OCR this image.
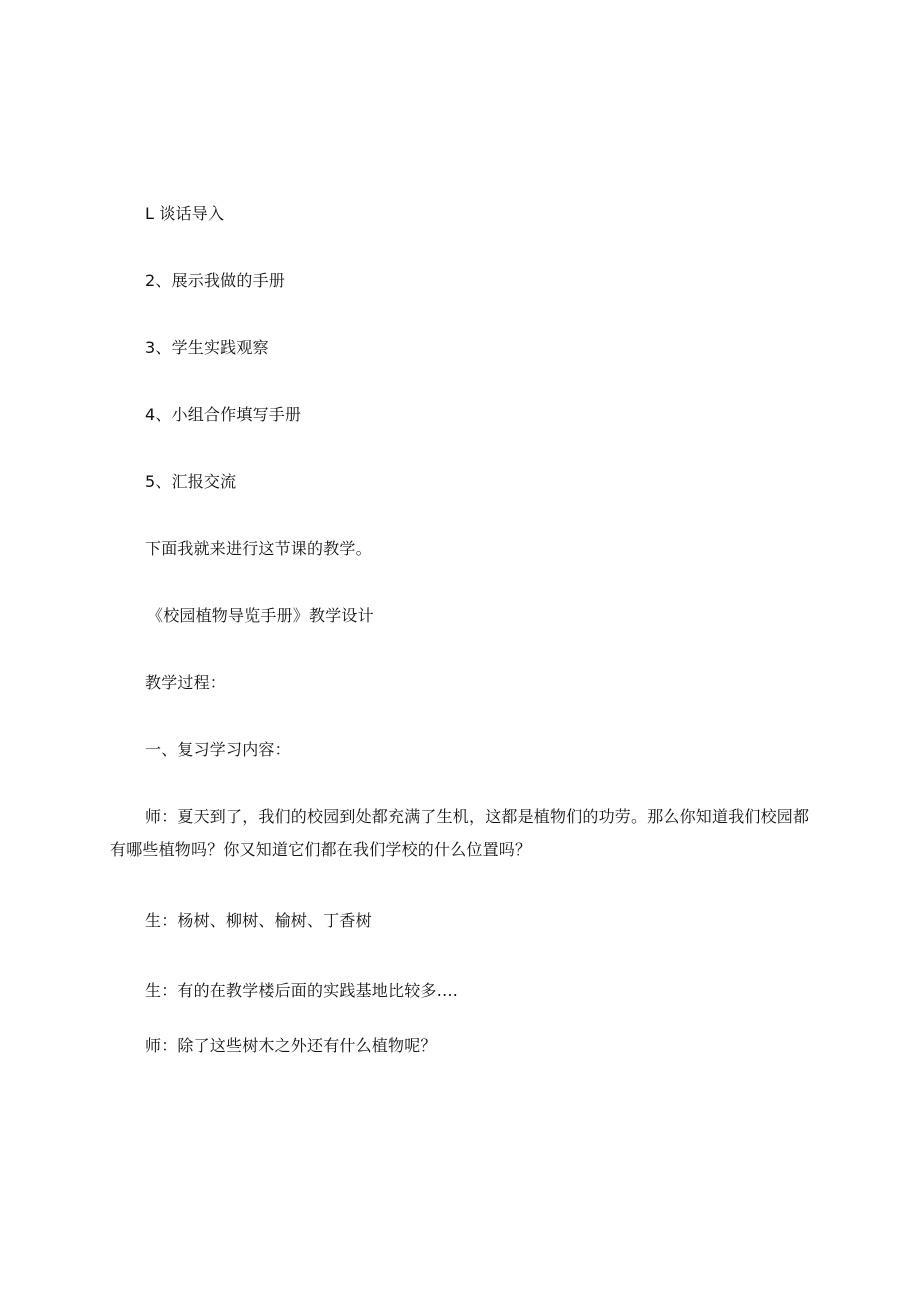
L 谈话导入
2、展示我做的手册
3、学生实践观察
4、小组合作填写手册
5、汇报交流
下面我就来进行这节课的教学。
《校园植物导览手册》教学设计
教学过程：
一、复习学习内容：
师：夏天到了，我们的校园到处都充满了生机，这都是植物们的功劳。那么你知道我们校园都有哪些植物吗？你又知道它们都在我们学校的什么位置吗？
生：杨树、柳树、榆树、丁香树
生：有的在教学楼后面的实践基地比较多….
师：除了这些树木之外还有什么植物呢？
